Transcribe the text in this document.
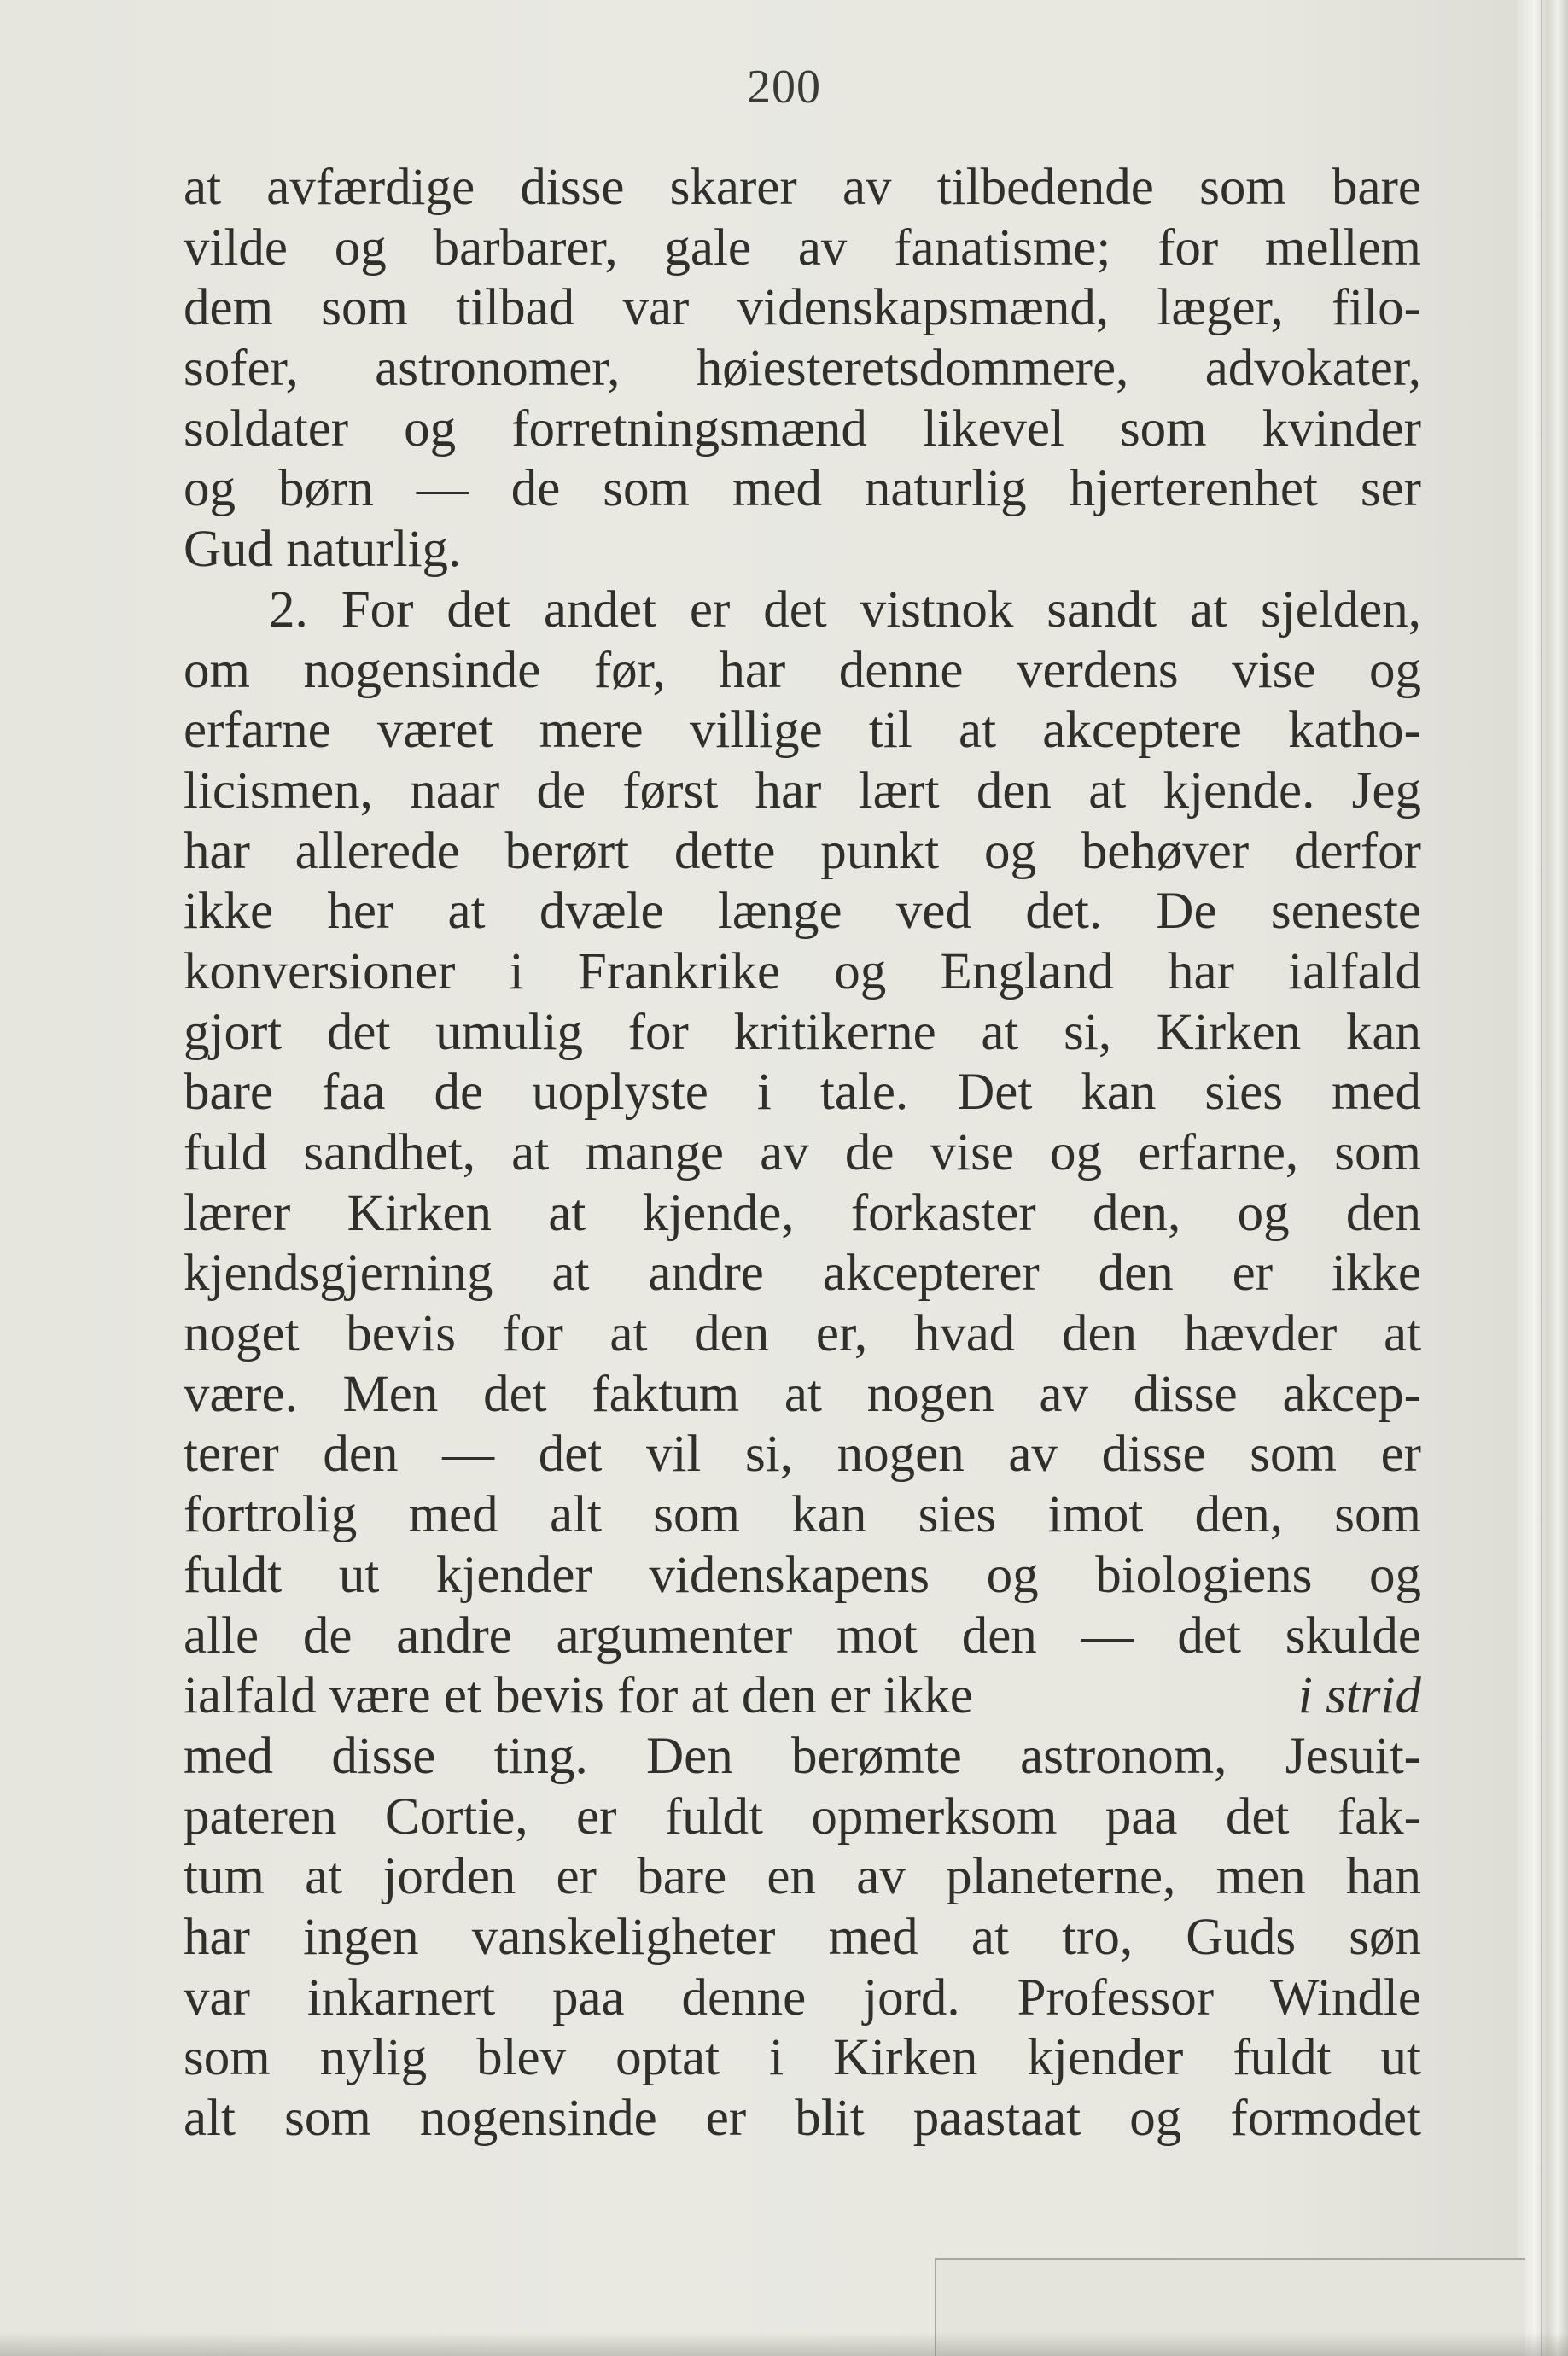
200
at avfærdige disse skarer av tilbedende som bare
vilde og barbarer, gale av fanatisme; for mellem
dem som tilbad var videnskapsmænd, læger, filo-
sofer, astronomer, høiesteretsdommere, advokater,
soldater og forretningsmænd likevel som kvinder
og børn — de som med naturlig hjerterenhet ser
Gud naturlig.
2. For det andet er det vistnok sandt at sjelden,
om nogensinde før, har denne verdens vise og
erfarne været mere villige til at akceptere katho-
licismen, naar de først har lært den at kjende. Jeg
har allerede berørt dette punkt og behøver derfor
ikke her at dvæle længe ved det. De seneste
konversioner i Frankrike og England har ialfald
gjort det umulig for kritikerne at si, Kirken kan
bare faa de uoplyste i tale. Det kan sies med
fuld sandhet, at mange av de vise og erfarne, som
lærer Kirken at kjende, forkaster den, og den
kjendsgjerning at andre akcepterer den er ikke
noget bevis for at den er, hvad den hævder at
være. Men det faktum at nogen av disse akcep-
terer den — det vil si, nogen av disse som er
fortrolig med alt som kan sies imot den, som
fuldt ut kjender videnskapens og biologiens og
alle de andre argumenter mot den — det skulde
ialfald være et bevis for at den er ikke	i strid
med disse ting. Den berømte astronom, Jesuit-
pateren Cortie, er fuldt opmerksom paa det fak-
tum at jorden er bare en av planeterne, men han
har ingen vanskeligheter med at tro, Guds søn
var inkarnert paa denne jord. Professor Windle
som nylig blev optat i Kirken kjender fuldt ut
alt som nogensinde er blit paastaat og formodet
